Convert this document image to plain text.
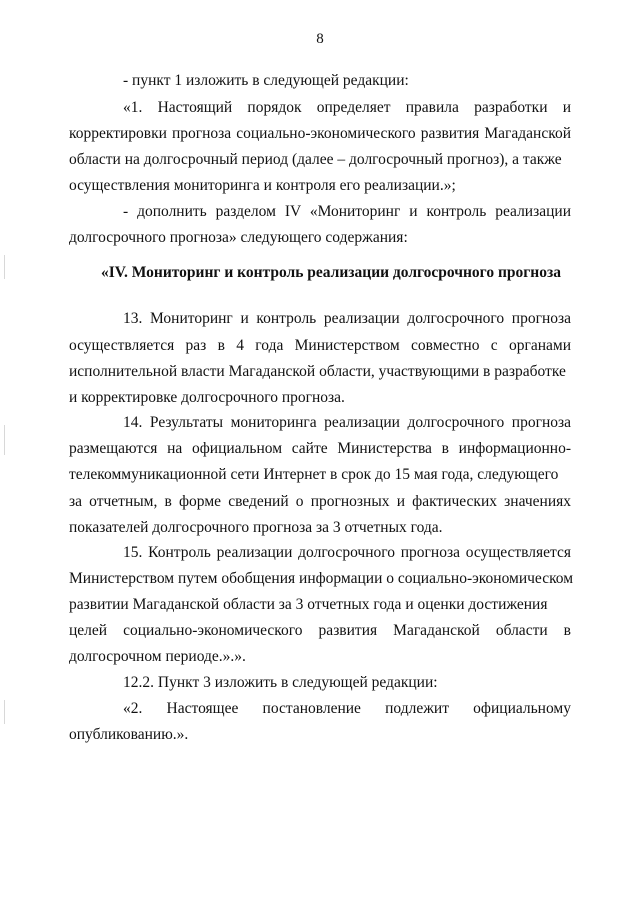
8
- пункт 1 изложить в следующей редакции:
«1. Настоящий порядок определяет правила разработки и
корректировки прогноза социально-экономического развития Магаданской
области на долгосрочный период (далее – долгосрочный прогноз), а также
осуществления мониторинга и контроля его реализации.»;
- дополнить разделом IV «Мониторинг и контроль реализации
долгосрочного прогноза» следующего содержания:
«IV. Мониторинг и контроль реализации долгосрочного прогноза
13. Мониторинг и контроль реализации долгосрочного прогноза
осуществляется раз в 4 года Министерством совместно с органами
исполнительной власти Магаданской области, участвующими в разработке
и корректировке долгосрочного прогноза.
14. Результаты мониторинга реализации долгосрочного прогноза
размещаются на официальном сайте Министерства в информационно-
телекоммуникационной сети Интернет в срок до 15 мая года, следующего
за отчетным, в форме сведений о прогнозных и фактических значениях
показателей долгосрочного прогноза за 3 отчетных года.
15. Контроль реализации долгосрочного прогноза осуществляется
Министерством путем обобщения информации о социально-экономическом
развитии Магаданской области за 3 отчетных года и оценки достижения
целей социально-экономического развития Магаданской области в
долгосрочном периоде.».».
12.2. Пункт 3 изложить в следующей редакции:
«2. Настоящее постановление подлежит официальному
опубликованию.».
